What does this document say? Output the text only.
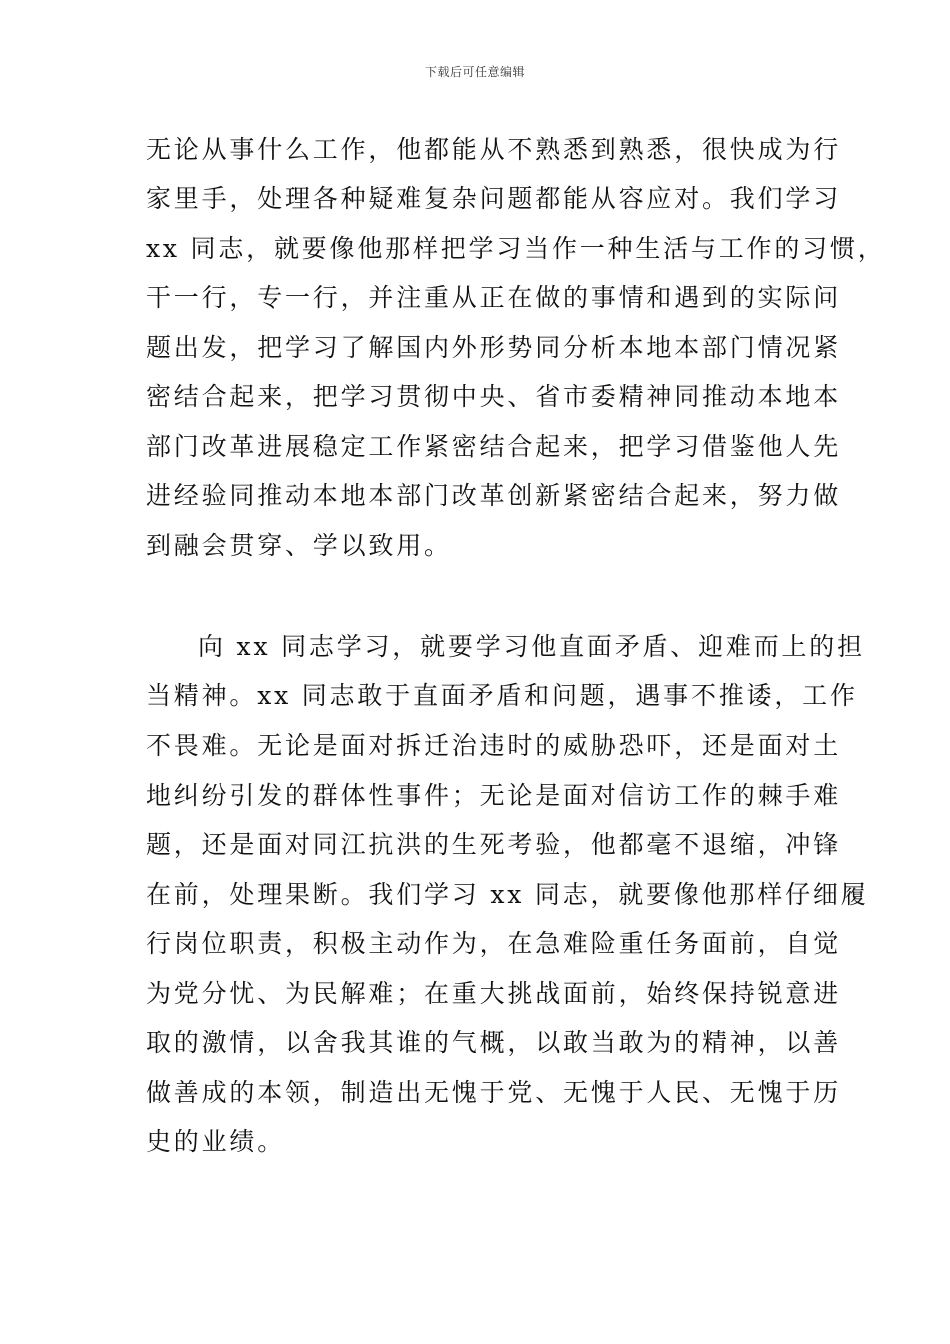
下载后可任意编辑
无论从事什么工作，他都能从不熟悉到熟悉，很快成为行
家里手，处理各种疑难复杂问题都能从容应对。我们学习
xx 同志，就要像他那样把学习当作一种生活与工作的习惯，
干一行，专一行，并注重从正在做的事情和遇到的实际问
题出发，把学习了解国内外形势同分析本地本部门情况紧
密结合起来，把学习贯彻中央、省市委精神同推动本地本
部门改革进展稳定工作紧密结合起来，把学习借鉴他人先
进经验同推动本地本部门改革创新紧密结合起来，努力做
到融会贯穿、学以致用。
向 xx 同志学习，就要学习他直面矛盾、迎难而上的担
当精神。xx 同志敢于直面矛盾和问题，遇事不推诿，工作
不畏难。无论是面对拆迁治违时的威胁恐吓，还是面对土
地纠纷引发的群体性事件；无论是面对信访工作的棘手难
题，还是面对同江抗洪的生死考验，他都毫不退缩，冲锋
在前，处理果断。我们学习 xx 同志，就要像他那样仔细履
行岗位职责，积极主动作为，在急难险重任务面前，自觉
为党分忧、为民解难；在重大挑战面前，始终保持锐意进
取的激情，以舍我其谁的气概，以敢当敢为的精神，以善
做善成的本领，制造出无愧于党、无愧于人民、无愧于历
史的业绩。
